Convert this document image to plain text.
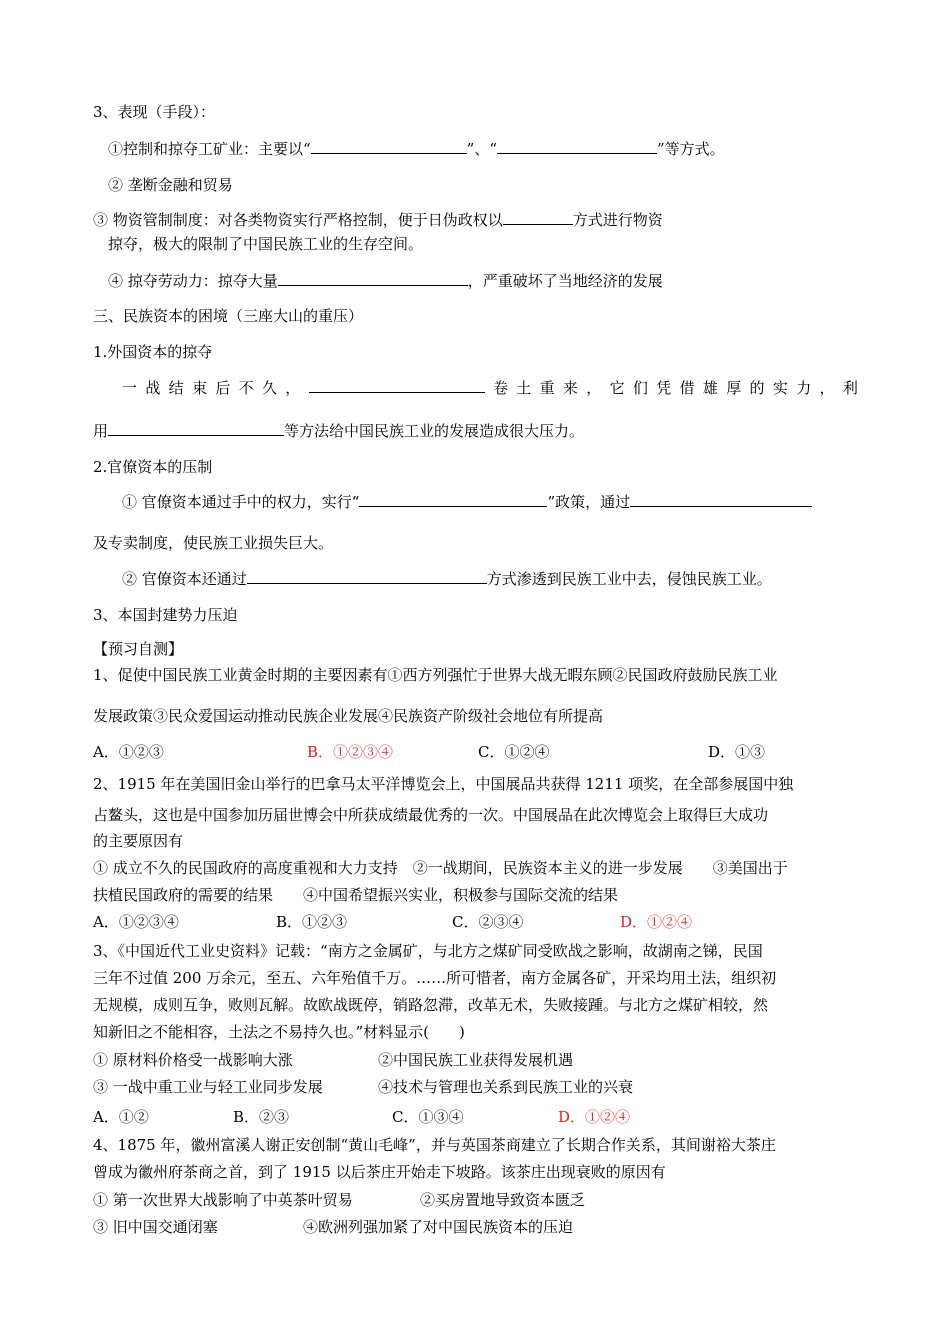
3、表现（手段）：
①控制和掠夺工矿业：主要以“	”、“	”等方式。
② 垄断金融和贸易
③ 物资管制制度：对各类物资实行严格控制，便于日伪政权以	方式进行物资
掠夺，极大的限制了中国民族工业的生存空间。
④ 掠夺劳动力：掠夺大量	，严重破坏了当地经济的发展
三、民族资本的困境（三座大山的重压）
1.外国资本的掠夺
一 战 结 束 后 不 久 ，	卷 土 重 来 ， 它 们 凭 借 雄 厚 的 实 力 ， 利
用	等方法给中国民族工业的发展造成很大压力。
2.官僚资本的压制
① 官僚资本通过手中的权力，实行“	”政策，通过
及专卖制度，使民族工业损失巨大。
② 官僚资本还通过	方式渗透到民族工业中去，侵蚀民族工业。
3、本国封建势力压迫
【预习自测】
1、促使中国民族工业黄金时期的主要因素有①西方列强忙于世界大战无暇东顾②民国政府鼓励民族工业
发展政策③民众爱国运动推动民族企业发展④民族资产阶级社会地位有所提高
A．①②③	B．①②③④	C．①②④	D．①③
2、1915 年在美国旧金山举行的巴拿马太平洋博览会上，中国展品共获得 1211 项奖，在全部参展国中独
占鳌头，这也是中国参加历届世博会中所获成绩最优秀的一次。中国展品在此次博览会上取得巨大成功
的主要原因有
① 成立不久的民国政府的高度重视和大力支持　②一战期间，民族资本主义的进一步发展　　③美国出于
扶植民国政府的需要的结果　　④中国希望振兴实业，积极参与国际交流的结果
A．①②③④	B．①②③	C．②③④	D．①②④
3、《中国近代工业史资料》记载：“南方之金属矿，与北方之煤矿同受欧战之影响，故湖南之锑，民国
三年不过值 200 万余元，至五、六年殆值千万。……所可惜者，南方金属各矿，开采均用土法，组织初
无规模，成则互争，败则瓦解。故欧战既停，销路忽滞，改革无术，失败接踵。与北方之煤矿相较，然
知新旧之不能相容，土法之不易持久也。”材料显示(　　)
① 原材料价格受一战影响大涨	②中国民族工业获得发展机遇
③ 一战中重工业与轻工业同步发展	④技术与管理也关系到民族工业的兴衰
A．①②	B．②③	C．①③④	D．①②④
4、1875 年，徽州富溪人谢正安创制“黄山毛峰”，并与英国茶商建立了长期合作关系，其间谢裕大茶庄
曾成为徽州府茶商之首，到了 1915 以后茶庄开始走下坡路。该茶庄出现衰败的原因有
① 第一次世界大战影响了中英茶叶贸易	②买房置地导致资本匮乏
③ 旧中国交通闭塞	④欧洲列强加紧了对中国民族资本的压迫
